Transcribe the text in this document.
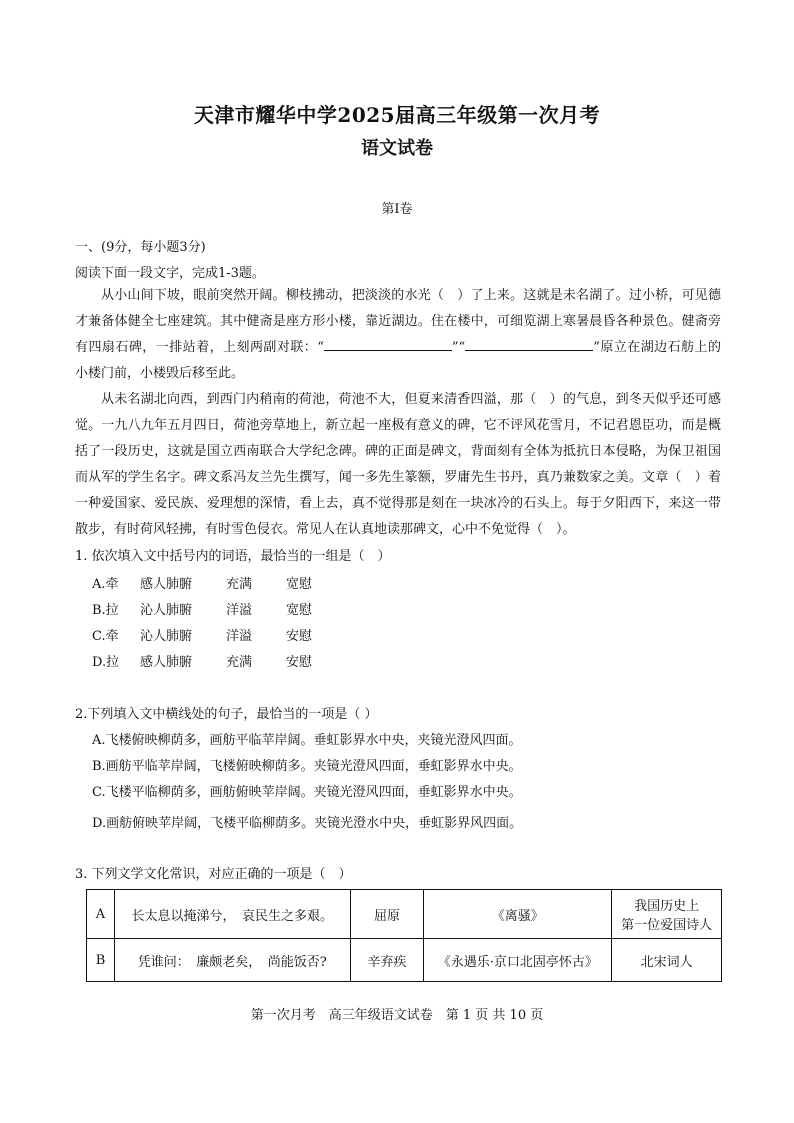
天津市耀华中学2025届高三年级第一次月考
语文试卷
第Ⅰ卷
一、(9分，每小题3分)
阅读下面一段文字，完成1-3题。

从小山间下坡，眼前突然开阔。柳枝拂动，把淡淡的水光（　）了上来。这就是未名湖了。过小桥，可见德才兼备体健全七座建筑。其中健斋是座方形小楼，靠近湖边。住在楼中，可细览湖上寒暑晨昏各种景色。健斋旁有四扇石碑，一排站着，上刻两副对联：“	”“	”原立在湖边石舫上的小楼门前，小楼毁后移至此。

从未名湖北向西，到西门内稍南的荷池，荷池不大，但夏来清香四溢，那（　）的气息，到冬天似乎还可感觉。一九八九年五月四日，荷池旁草地上，新立起一座极有意义的碑，它不评风花雪月，不记君恩臣功，而是概括了一段历史，这就是国立西南联合大学纪念碑。碑的正面是碑文，背面刻有全体为抵抗日本侵略，为保卫祖国而从军的学生名字。碑文系冯友兰先生撰写，闻一多先生篆额，罗庸先生书丹，真乃兼数家之美。文章（　）着一种爱国家、爱民族、爱理想的深情，看上去，真不觉得那是刻在一块冰冷的石头上。每于夕阳西下，来这一带散步，有时荷风轻拂，有时雪色侵衣。常见人在认真地读那碑文，心中不免觉得（　）。

1. 依次填入文中括号内的词语，最恰当的一组是（　）
A.牵 感人肺腑	充满	宽慰
B.拉 沁人肺腑	洋溢	宽慰
C.牵 沁人肺腑	洋溢	安慰
D.拉 感人肺腑	充满	安慰
2.下列填入文中横线处的句子，最恰当的一项是（ ）
A.飞楼俯映柳荫多，画舫平临苹岸阔。垂虹影界水中央，夹镜光澄风四面。
B.画舫平临苹岸阔，飞楼俯映柳荫多。夹镜光澄风四面，垂虹影界水中央。
C.飞楼平临柳荫多，画舫俯映苹岸阔。夹镜光澄风四面，垂虹影界水中央。
D.画舫俯映苹岸阔，飞楼平临柳荫多。夹镜光澄水中央，垂虹影界风四面。
3. 下列文学文化常识，对应正确的一项是（　）
A	长太息以掩涕兮，　哀民生之多艰。	屈原	《离骚》	我国历史上
第一位爱国诗人

B	凭谁问：　廉颇老矣，　尚能饭否?	辛弃疾	《永遇乐·京口北固亭怀古》	北宋词人
第一次月考　高三年级语文试卷　第 1 页 共 10 页
